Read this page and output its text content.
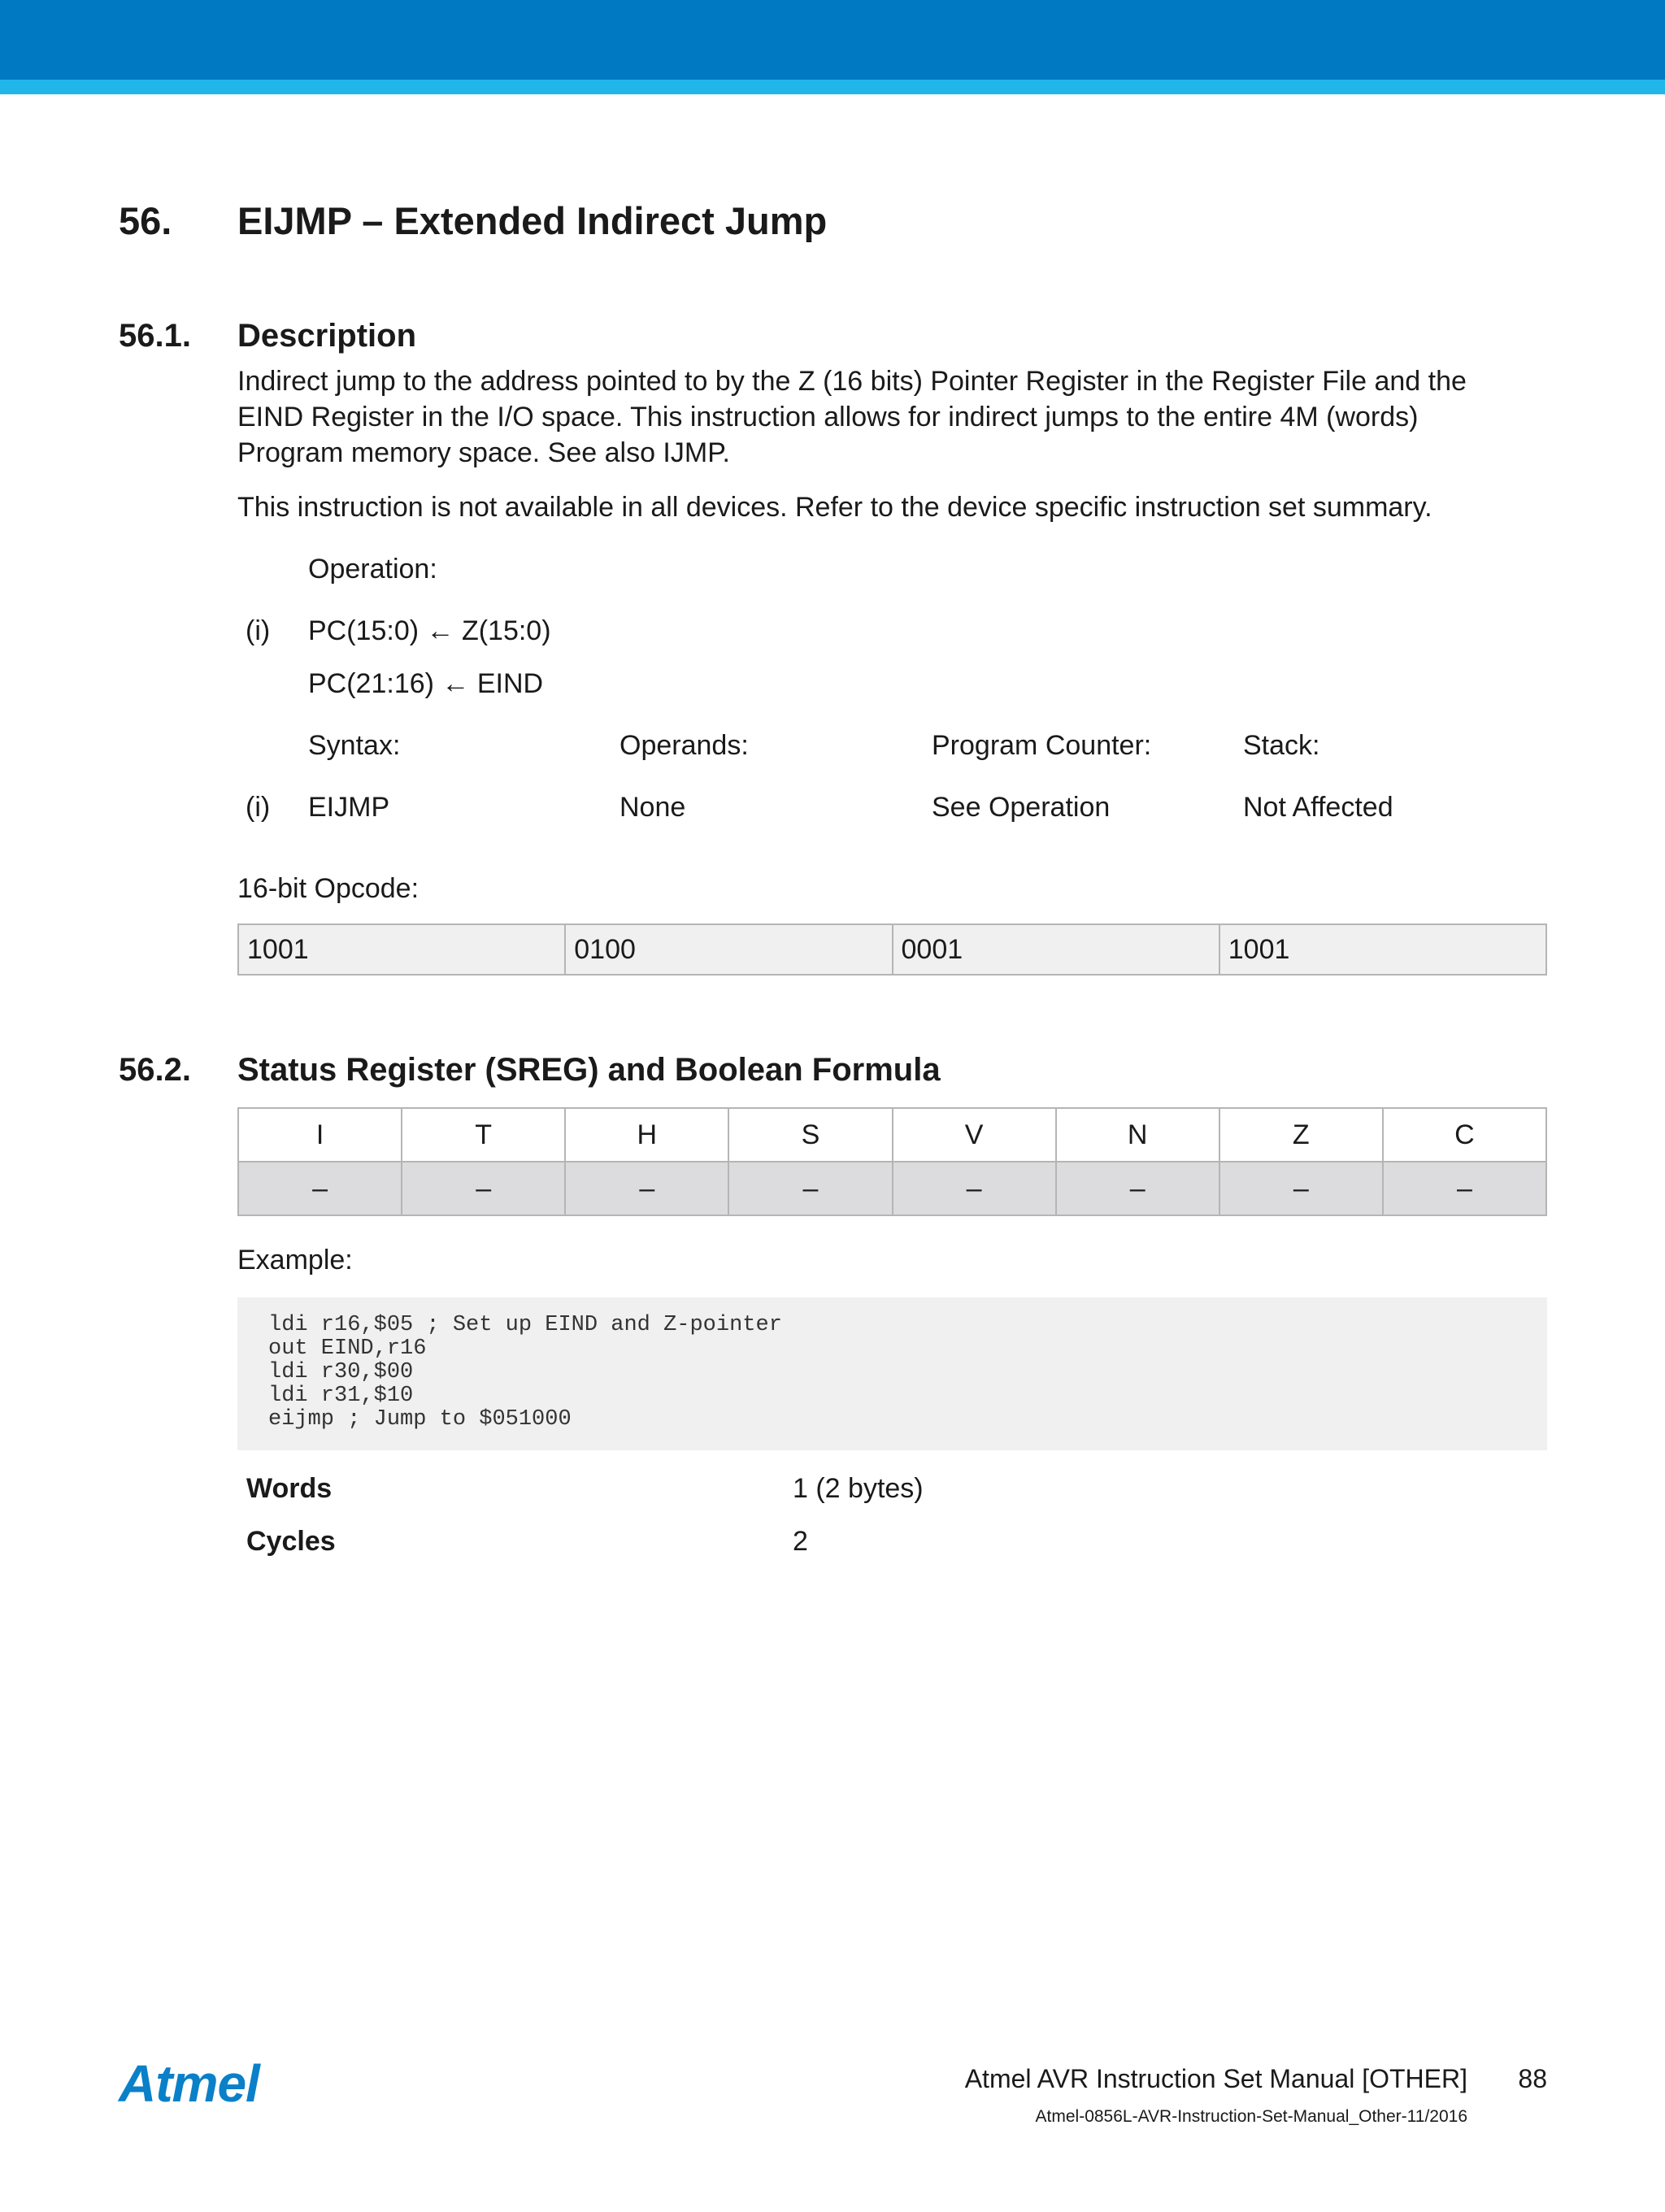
56. EIJMP – Extended Indirect Jump
56.1. Description
Indirect jump to the address pointed to by the Z (16 bits) Pointer Register in the Register File and the
EIND Register in the I/O space. This instruction allows for indirect jumps to the entire 4M (words)
Program memory space. See also IJMP.
This instruction is not available in all devices. Refer to the device specific instruction set summary.
Operation:
(i) PC(15:0) ← Z(15:0)
PC(21:16) ← EIND
Syntax:	Operands:	Program Counter:	Stack:
(i) EIJMP	None	See Operation	Not Affected
16-bit Opcode:
1001	0100	0001	1001
56.2. Status Register (SREG) and Boolean Formula
I	T	H	S	V	N	Z	C
–	–	–	–	–	–	–	–
Example:
ldi r16,$05 ; Set up EIND and Z-pointer
out EIND,r16
ldi r30,$00
ldi r31,$10
eijmp ; Jump to $051000
Words	1 (2 bytes)
Cycles	2
Atmel	Atmel AVR Instruction Set Manual [OTHER] 88
Atmel-0856L-AVR-Instruction-Set-Manual_Other-11/2016
